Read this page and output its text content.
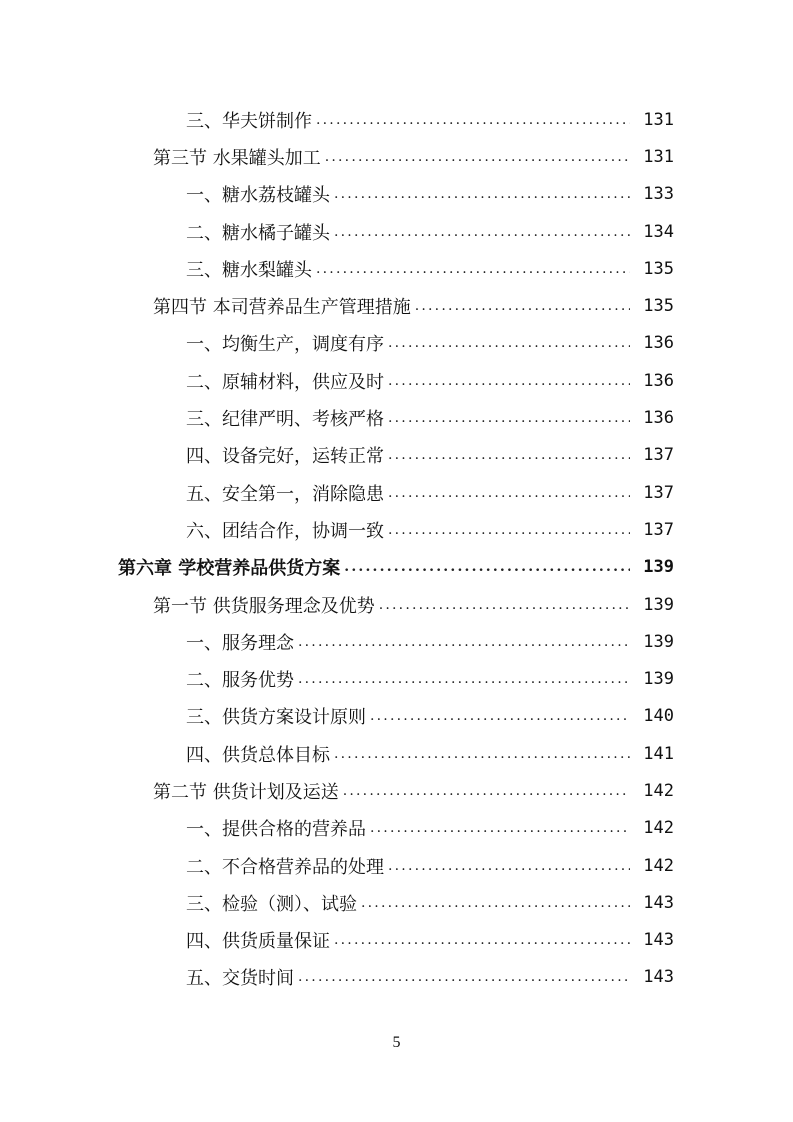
三、华夫饼制作 .....	131
第三节 水果罐头加工 .....	131
一、糖水荔枝罐头 .....	133
二、糖水橘子罐头 .....	134
三、糖水梨罐头 .....	135
第四节 本司营养品生产管理措施 .....	135
一、均衡生产，调度有序 .....	136
二、原辅材料，供应及时 .....	136
三、纪律严明、考核严格 .....	136
四、设备完好，运转正常 .....	137
五、安全第一，消除隐患 .....	137
六、团结合作，协调一致 .....	137
第六章 学校营养品供货方案 .....	139
第一节 供货服务理念及优势 .....	139
一、服务理念 .....	139
二、服务优势 .....	139
三、供货方案设计原则 .....	140
四、供货总体目标 .....	141
第二节 供货计划及运送 .....	142
一、提供合格的营养品 .....	142
二、不合格营养品的处理 .....	142
三、检验（测）、试验 .....	143
四、供货质量保证 .....	143
五、交货时间 .....	143
5
